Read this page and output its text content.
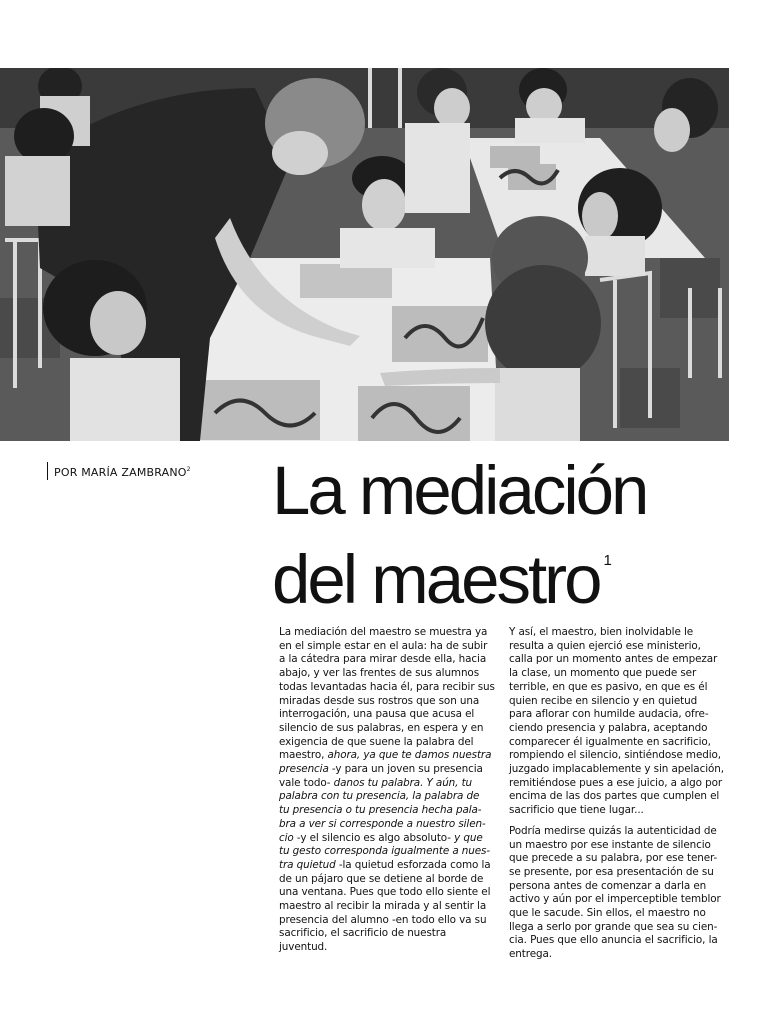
POR MARÍA ZAMBRANO$^2$ La mediación
del maestro $^1$

La mediación del maestro se muestra ya
en el simple estar en el aula: ha de subir
a la cátedra para mirar desde ella, hacia
abajo, y ver las frentes de sus alumnos
todas levantadas hacia él, para recibir sus
miradas desde sus rostros que son una
interrogación, una pausa que acusa el
silencio de sus palabras, en espera y en
exigencia de que suene la palabra del
maestro, ahora, ya que te damos nuestra
presencia -y para un joven su presencia
vale todo- danos tu palabra. Y aún, tu
palabra con tu presencia, la palabra de
tu presencia o tu presencia hecha pala-
bra a ver si corresponde a nuestro silen-
cio -y el silencio es algo absoluto- y que
tu gesto corresponda igualmente a nues-
tra quietud -la quietud esforzada como la
de un pájaro que se detiene al borde de
una ventana. Pues que todo ello siente el
maestro al recibir la mirada y al sentir la
presencia del alumno -en todo ello va su
sacrificio, el sacrificio de nuestra
juventud.

Y así, el maestro, bien inolvidable le
resulta a quien ejerció ese ministerio,
calla por un momento antes de empezar
la clase, un momento que puede ser
terrible, en que es pasivo, en que es él
quien recibe en silencio y en quietud
para aflorar con humilde audacia, ofre-
ciendo presencia y palabra, aceptando
comparecer él igualmente en sacrificio,
rompiendo el silencio, sintiéndose medio,
juzgado implacablemente y sin apelación,
remitiéndose pues a ese juicio, a algo por
encima de las dos partes que cumplen el
sacrificio que tiene lugar...

Podría medirse quizás la autenticidad de
un maestro por ese instante de silencio
que precede a su palabra, por ese tener-
se presente, por esa presentación de su
persona antes de comenzar a darla en
activo y aún por el imperceptible temblor
que le sacude. Sin ellos, el maestro no
llega a serlo por grande que sea su cien-
cia. Pues que ello anuncia el sacrificio, la
entrega.
